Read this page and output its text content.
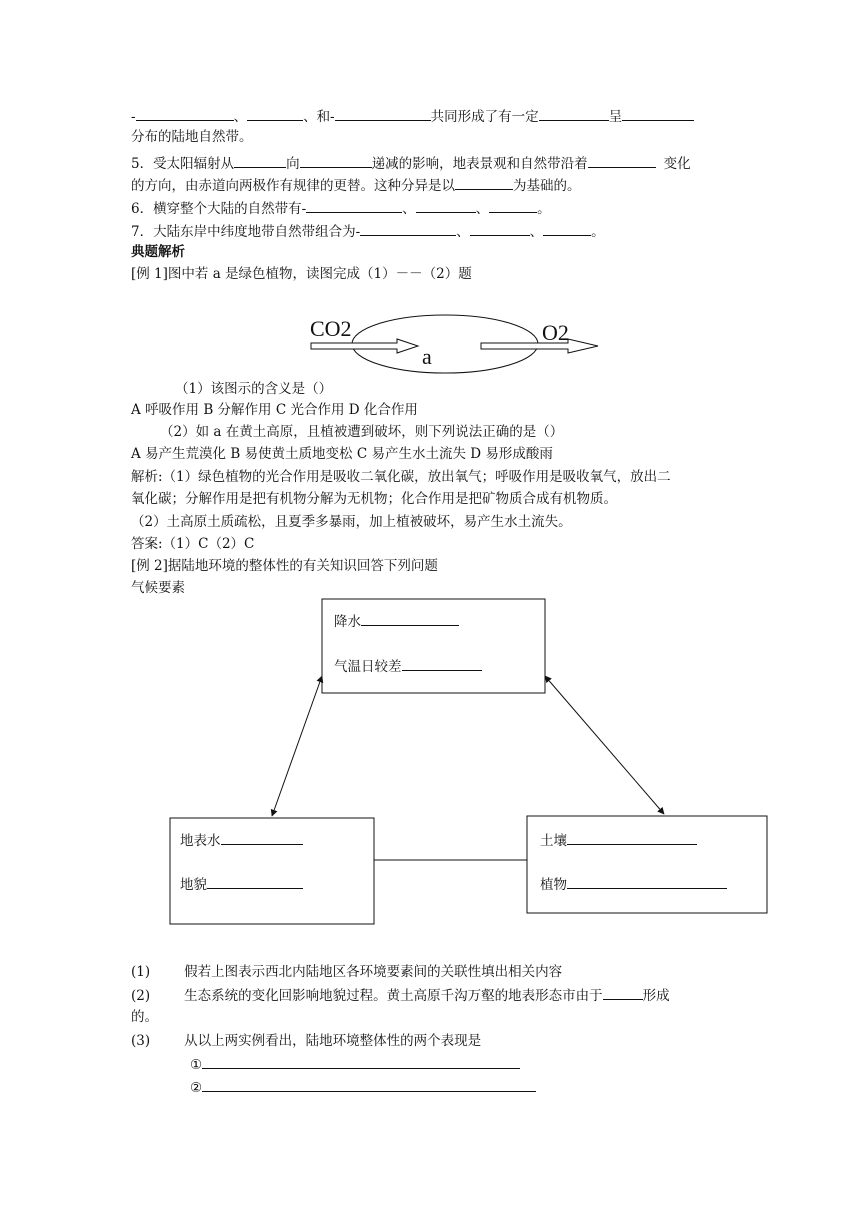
-	、	、和-	共同形成了有一定	呈
分布的陆地自然带。
5．受太阳辐射从	向	递减的影响，地表景观和自然带沿着	变化
的方向，由赤道向两极作有规律的更替。这种分异是以	为基础的。
6．横穿整个大陆的自然带有-	、	、	。
7．大陆东岸中纬度地带自然带组合为-	、	、	。
典题解析
[例 1]图中若 a 是绿色植物，读图完成（1）－－（2）题
CO2
a
O2
（1）该图示的含义是（）
A 呼吸作用 B 分解作用 C 光合作用 D 化合作用
（2）如 a 在黄土高原，且植被遭到破坏，则下列说法正确的是（）
A 易产生荒漠化 B 易使黄土质地变松 C 易产生水土流失 D 易形成酸雨
解析:（1）绿色植物的光合作用是吸收二氧化碳，放出氧气；呼吸作用是吸收氧气，放出二
氧化碳；分解作用是把有机物分解为无机物；化合作用是把矿物质合成有机物质。
（2）土高原土质疏松，且夏季多暴雨，加上植被破坏，易产生水土流失。
答案:（1）C（2）C
[例 2]据陆地环境的整体性的有关知识回答下列问题
气候要素
降水
气温日较差
地表水
地貌
土壤
植物
(1)	假若上图表示西北内陆地区各环境要素间的关联性填出相关内容
(2)	生态系统的变化回影响地貌过程。黄土高原千沟万壑的地表形态市由于	形成
的。
(3)	从以上两实例看出，陆地环境整体性的两个表现是
①
②
